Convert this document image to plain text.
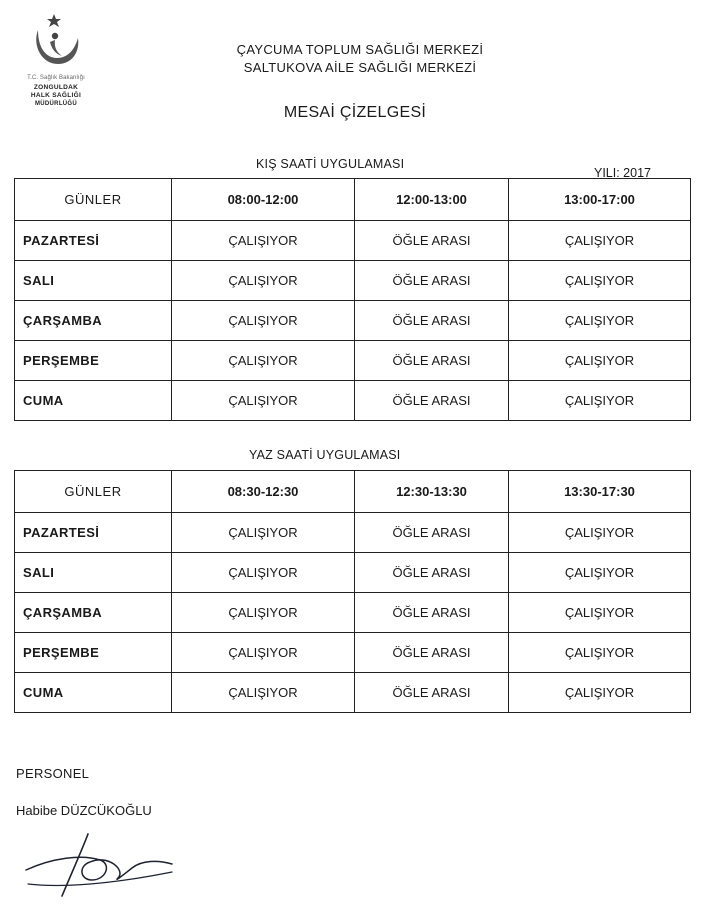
T.C. Sağlık Bakanlığı
ZONGULDAK
HALK SAĞLIĞI
MÜDÜRLÜĞÜ
ÇAYCUMA TOPLUM SAĞLIĞI MERKEZİ
SALTUKOVA AİLE SAĞLIĞI MERKEZİ
MESAİ ÇİZELGESİ
KIŞ SAATİ UYGULAMASI
YILI: 2017
GÜNLER	08:00-12:00	12:00-13:00	13:00-17:00
PAZARTESİ	ÇALIŞIYOR	ÖĞLE ARASI	ÇALIŞIYOR
SALI	ÇALIŞIYOR	ÖĞLE ARASI	ÇALIŞIYOR
ÇARŞAMBA	ÇALIŞIYOR	ÖĞLE ARASI	ÇALIŞIYOR
PERŞEMBE	ÇALIŞIYOR	ÖĞLE ARASI	ÇALIŞIYOR
CUMA	ÇALIŞIYOR	ÖĞLE ARASI	ÇALIŞIYOR
YAZ SAATİ UYGULAMASI
GÜNLER	08:30-12:30	12:30-13:30	13:30-17:30
PAZARTESİ	ÇALIŞIYOR	ÖĞLE ARASI	ÇALIŞIYOR
SALI	ÇALIŞIYOR	ÖĞLE ARASI	ÇALIŞIYOR
ÇARŞAMBA	ÇALIŞIYOR	ÖĞLE ARASI	ÇALIŞIYOR
PERŞEMBE	ÇALIŞIYOR	ÖĞLE ARASI	ÇALIŞIYOR
CUMA	ÇALIŞIYOR	ÖĞLE ARASI	ÇALIŞIYOR
PERSONEL
Habibe DÜZCÜKOĞLU
